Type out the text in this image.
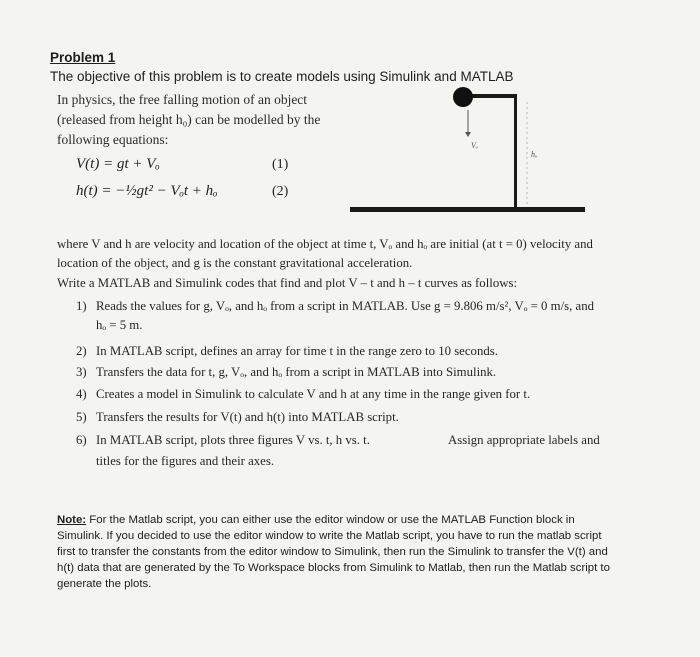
Problem 1
The objective of this problem is to create models using Simulink and MATLAB
In physics, the free falling motion of an object
(released from height h₀) can be modelled by the
following equations:
V(t) = gt + Vₒ	(1)
h(t) = −½gt² − Vₒt + hₒ	(2)
Vₒ
hₒ
where V and h are velocity and location of the object at time t, Vₒ and hₒ are initial (at t = 0) velocity and
location of the object, and g is the constant gravitational acceleration.
Write a MATLAB and Simulink codes that find and plot V – t and h – t curves as follows:
1) Reads the values for g, Vₒ, and hₒ from a script in MATLAB. Use g = 9.806 m/s², Vₒ = 0 m/s, and
hₒ = 5 m.
2) In MATLAB script, defines an array for time t in the range zero to 10 seconds.
3) Transfers the data for t, g, Vₒ, and hₒ from a script in MATLAB into Simulink.
4) Creates a model in Simulink to calculate V and h at any time in the range given for t.
5) Transfers the results for V(t) and h(t) into MATLAB script.
6) In MATLAB script, plots three figures V vs. t, h vs. t.	Assign appropriate labels and
titles for the figures and their axes.
Note: For the Matlab script, you can either use the editor window or use the MATLAB Function block in Simulink. If you decided to use the editor window to write the Matlab script, you have to run the matlab script first to transfer the constants from the editor window to Simulink, then run the Simulink to transfer the V(t) and h(t) data that are generated by the To Workspace blocks from Simulink to Matlab, then run the Matlab script to generate the plots.
